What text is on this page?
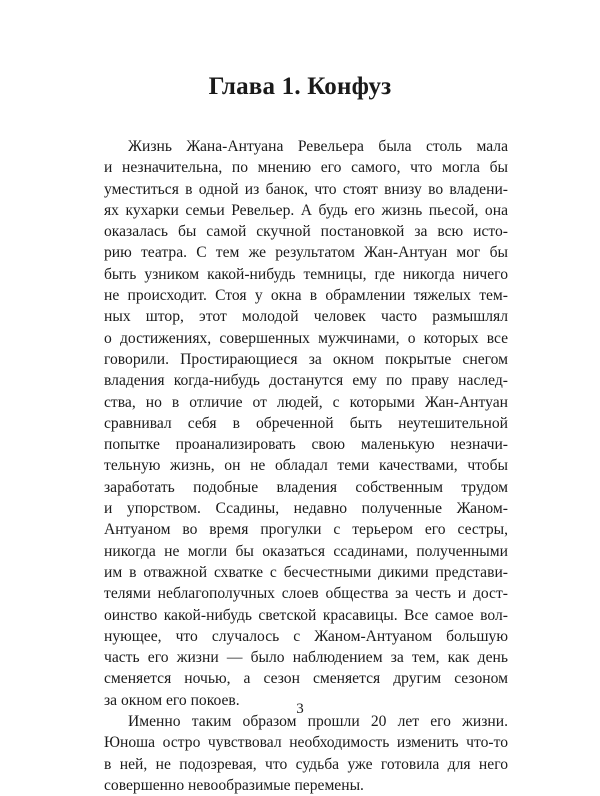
Глава 1. Конфуз

Жизнь Жана-Антуана Ревельера была столь мала
и незначительна, по мнению его самого, что могла бы
уместиться в одной из банок, что стоят внизу во владени-
ях кухарки семьи Ревельер. А будь его жизнь пьесой, она
оказалась бы самой скучной постановкой за всю исто-
рию театра. С тем же результатом Жан-Антуан мог бы
быть узником какой-нибудь темницы, где никогда ничего
не происходит. Стоя у окна в обрамлении тяжелых тем-
ных штор, этот молодой человек часто размышлял
о достижениях, совершенных мужчинами, о которых все
говорили. Простирающиеся за окном покрытые снегом
владения когда-нибудь достанутся ему по праву наслед-
ства, но в отличие от людей, с которыми Жан-Антуан
сравнивал себя в обреченной быть неутешительной
попытке проанализировать свою маленькую незначи-
тельную жизнь, он не обладал теми качествами, чтобы
заработать подобные владения собственным трудом
и упорством. Ссадины, недавно полученные Жаном-
Антуаном во время прогулки с терьером его сестры,
никогда не могли бы оказаться ссадинами, полученными
им в отважной схватке с бесчестными дикими представи-
телями неблагополучных слоев общества за честь и дост-
оинство какой-нибудь светской красавицы. Все самое вол-
нующее, что случалось с Жаном-Антуаном большую
часть его жизни — было наблюдением за тем, как день
сменяется ночью, а сезон сменяется другим сезоном
за окном его покоев.

Именно таким образом прошли 20 лет его жизни.
Юноша остро чувствовал необходимость изменить что-то
в ней, не подозревая, что судьба уже готовила для него
совершенно невообразимые перемены.

3
